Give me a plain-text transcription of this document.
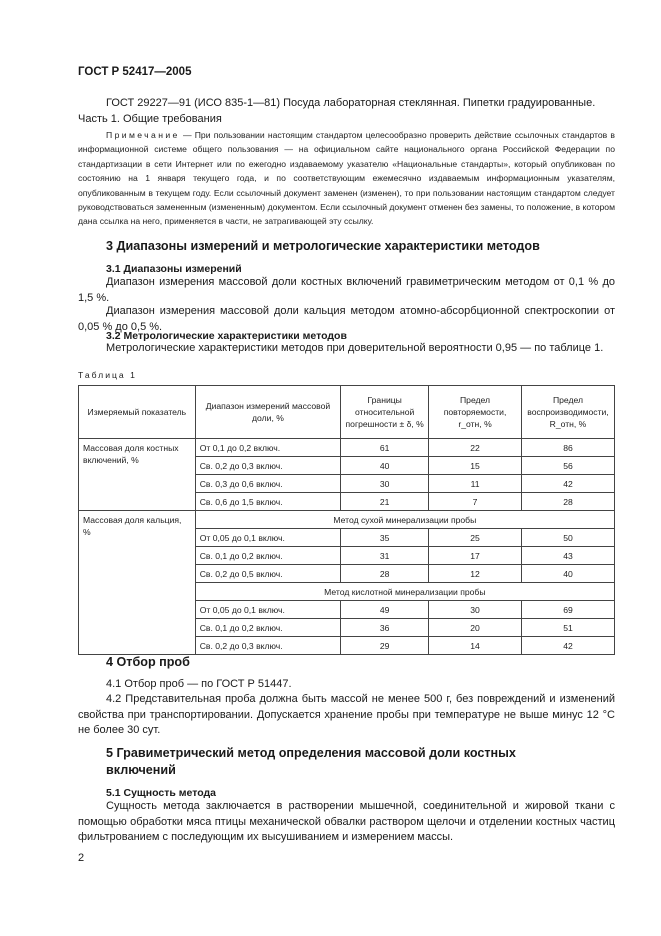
ГОСТ Р 52417—2005
ГОСТ 29227—91 (ИСО 835-1—81) Посуда лабораторная стеклянная. Пипетки градуированные.
Часть 1. Общие требования
Примечание — При пользовании настоящим стандартом целесообразно проверить действие ссылочных стандартов в информационной системе общего пользования — на официальном сайте национального органа Российской Федерации по стандартизации в сети Интернет или по ежегодно издаваемому указателю «Национальные стандарты», который опубликован по состоянию на 1 января текущего года, и по соответствующим ежемесячно издаваемым информационным указателям, опубликованным в текущем году. Если ссылочный документ заменен (изменен), то при пользовании настоящим стандартом следует руководствоваться замененным (измененным) документом. Если ссылочный документ отменен без замены, то положение, в котором дана ссылка на него, применяется в части, не затрагивающей эту ссылку.
3 Диапазоны измерений и метрологические характеристики методов
3.1 Диапазоны измерений
Диапазон измерения массовой доли костных включений гравиметрическим методом от 0,1 % до 1,5 %.
Диапазон измерения массовой доли кальция методом атомно-абсорбционной спектроскопии от 0,05 % до 0,5 %.
3.2 Метрологические характеристики методов
Метрологические характеристики методов при доверительной вероятности 0,95 — по таблице 1.
Таблица 1
Измеряемый показатель	Диапазон измерений массовой доли, %	Границы относительной погрешности ± δ, %	Предел повторяемости, r_отн, %	Предел воспроизводимости, R_отн, %
Массовая доля костных включений, %	От 0,1 до 0,2 включ.	61	22	86
	Св. 0,2 до 0,3 включ.	40	15	56
	Св. 0,3 до 0,6 включ.	30	11	42
	Св. 0,6 до 1,5 включ.	21	7	28
Массовая доля кальция, %	Метод сухой минерализации пробы			
	От 0,05 до 0,1 включ.	35	25	50
	Св. 0,1 до 0,2 включ.	31	17	43
	Св. 0,2 до 0,5 включ.	28	12	40
	Метод кислотной минерализации пробы			
	От 0,05 до 0,1 включ.	49	30	69
	Св. 0,1 до 0,2 включ.	36	20	51
	Св. 0,2 до 0,3 включ.	29	14	42
4 Отбор проб
4.1 Отбор проб — по ГОСТ Р 51447.
4.2 Представительная проба должна быть массой не менее 500 г, без повреждений и изменений свойства при транспортировании. Допускается хранение пробы при температуре не выше минус 12 °С не более 30 сут.
5 Гравиметрический метод определения массовой доли костных включений
5.1 Сущность метода
Сущность метода заключается в растворении мышечной, соединительной и жировой ткани с помощью обработки мяса птицы механической обвалки раствором щелочи и отделении костных частиц фильтрованием с последующим их высушиванием и измерением массы.
2
